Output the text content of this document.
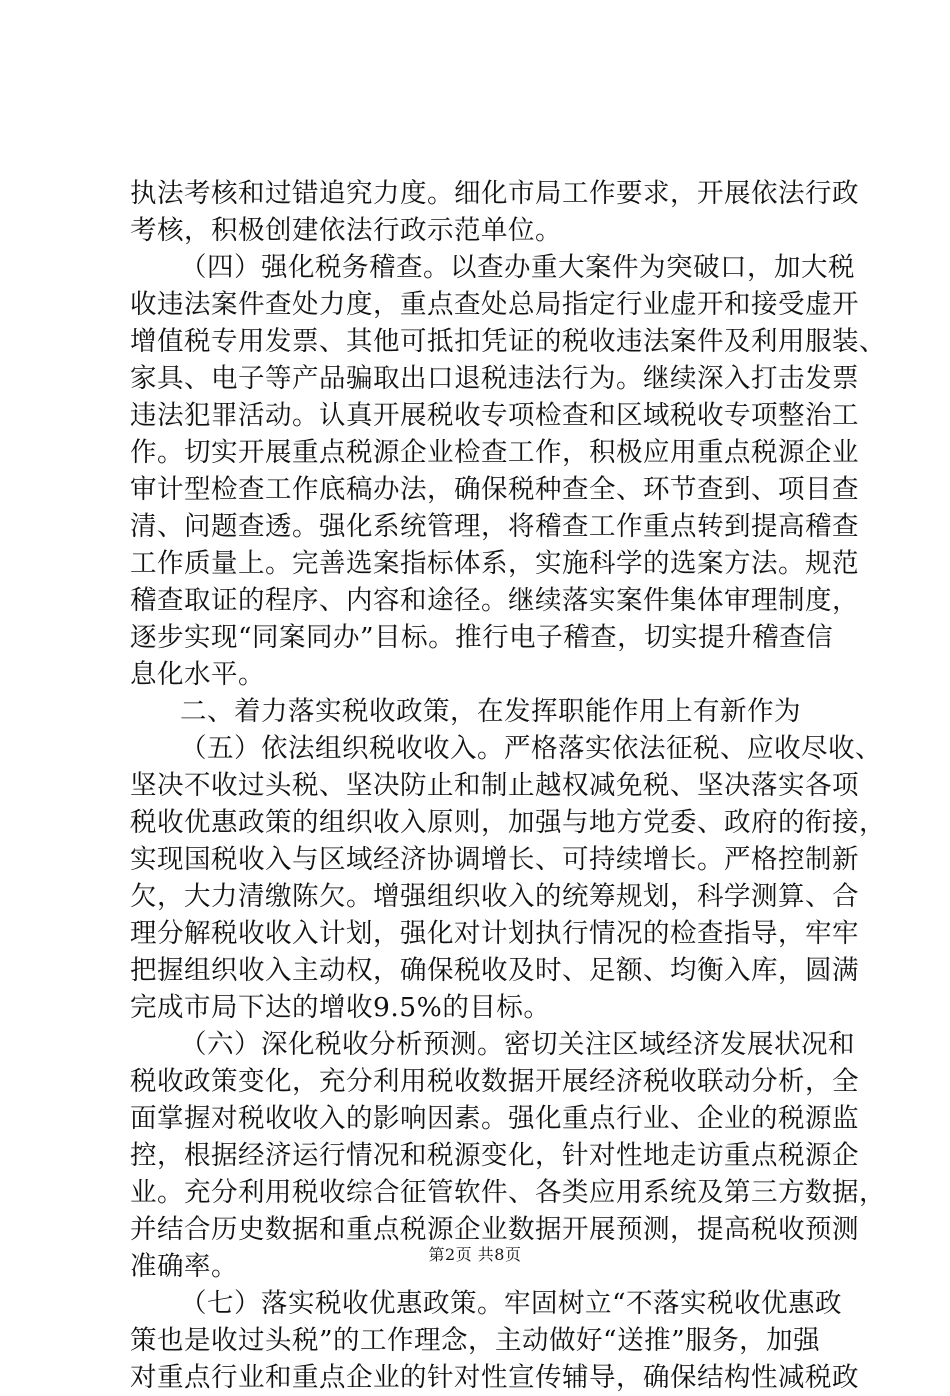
执法考核和过错追究力度。细化市局工作要求，开展依法行政
考核，积极创建依法行政示范单位。
（四）强化税务稽查。以查办重大案件为突破口，加大税
收违法案件查处力度，重点查处总局指定行业虚开和接受虚开
增值税专用发票、其他可抵扣凭证的税收违法案件及利用服装、
家具、电子等产品骗取出口退税违法行为。继续深入打击发票
违法犯罪活动。认真开展税收专项检查和区域税收专项整治工
作。切实开展重点税源企业检查工作，积极应用重点税源企业
审计型检查工作底稿办法，确保税种查全、环节查到、项目查
清、问题查透。强化系统管理，将稽查工作重点转到提高稽查
工作质量上。完善选案指标体系，实施科学的选案方法。规范
稽查取证的程序、内容和途径。继续落实案件集体审理制度，
逐步实现“同案同办”目标。推行电子稽查，切实提升稽查信
息化水平。
二、着力落实税收政策，在发挥职能作用上有新作为
（五）依法组织税收收入。严格落实依法征税、应收尽收、
坚决不收过头税、坚决防止和制止越权减免税、坚决落实各项
税收优惠政策的组织收入原则，加强与地方党委、政府的衔接，
实现国税收入与区域经济协调增长、可持续增长。严格控制新
欠，大力清缴陈欠。增强组织收入的统筹规划，科学测算、合
理分解税收收入计划，强化对计划执行情况的检查指导，牢牢
把握组织收入主动权，确保税收及时、足额、均衡入库，圆满
完成市局下达的增收9.5%的目标。
（六）深化税收分析预测。密切关注区域经济发展状况和
税收政策变化，充分利用税收数据开展经济税收联动分析，全
面掌握对税收收入的影响因素。强化重点行业、企业的税源监
控，根据经济运行情况和税源变化，针对性地走访重点税源企
业。充分利用税收综合征管软件、各类应用系统及第三方数据，
并结合历史数据和重点税源企业数据开展预测，提高税收预测
准确率。
（七）落实税收优惠政策。牢固树立“不落实税收优惠政
策也是收过头税”的工作理念，主动做好“送推”服务，加强
对重点行业和重点企业的针对性宣传辅导，确保结构性减税政
第2页 共8页
